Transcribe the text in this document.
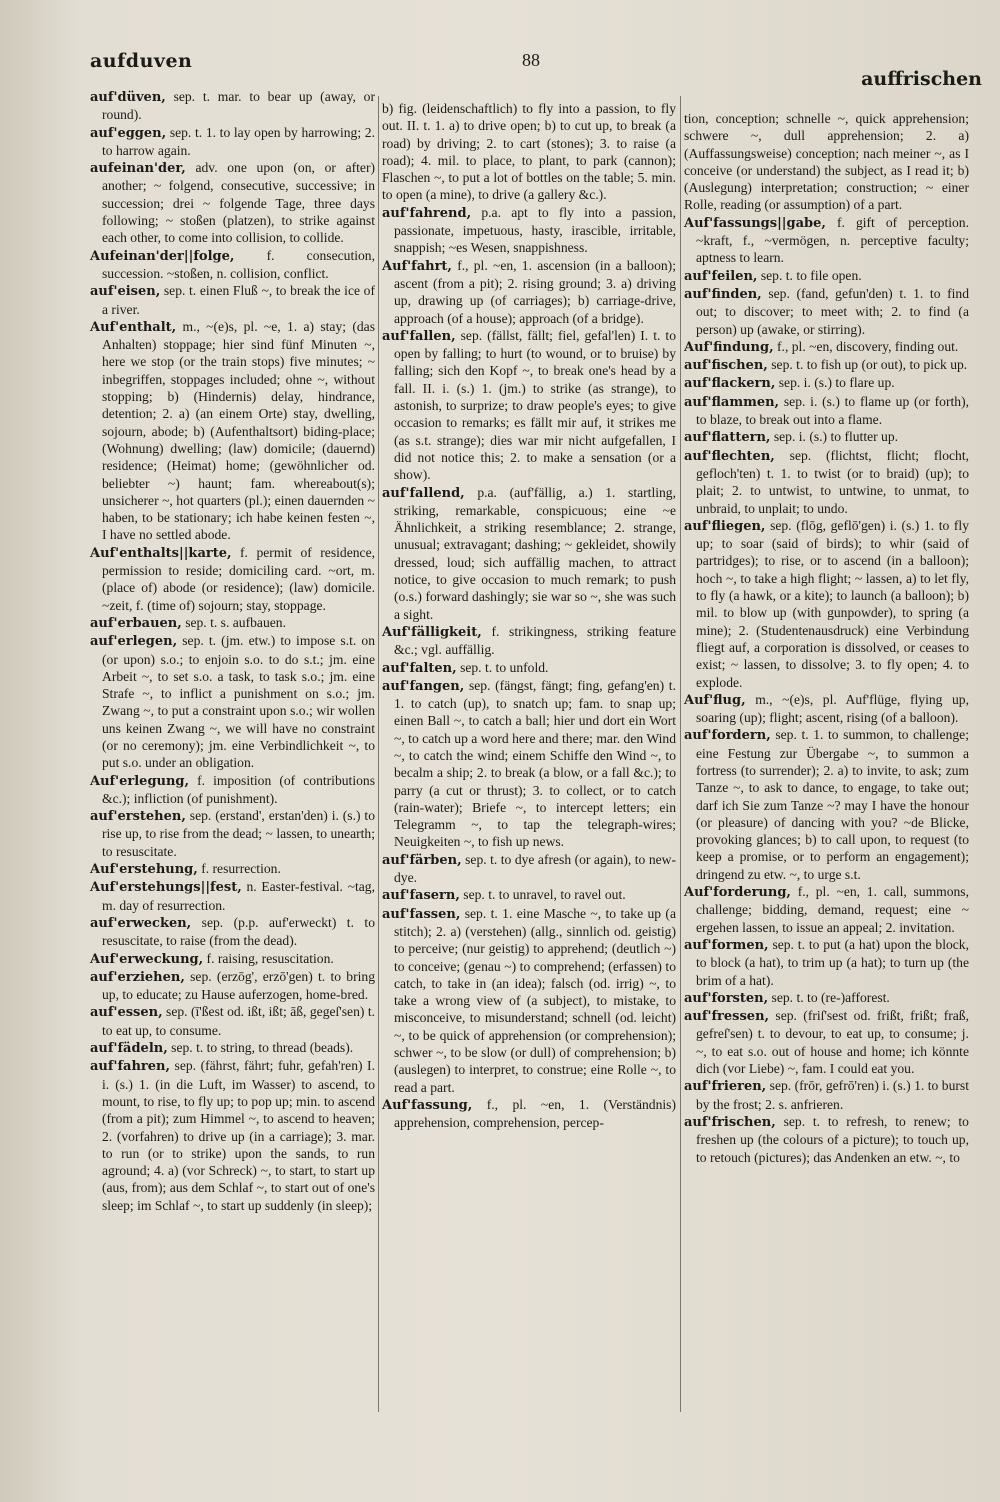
aufduven	88
auffrischen

auf'düven, sep. t. mar. to bear up (away, or round).

auf'eggen, sep. t. 1. to lay open by harrowing; 2. to harrow again.

aufeinan'der, adv. one upon (on, or after) another; ~ folgend, consecutive, successive; in succession; drei ~ folgende Tage, three days following; ~ stoßen (platzen), to strike against each other, to come into collision, to collide.

Aufeinan'der||folge, f. consecution, succession. ~stoßen, n. collision, conflict.

auf'eisen, sep. t. einen Fluß ~, to break the ice of a river.

Auf'enthalt, m., ~(e)s, pl. ~e, 1. a) stay; (das Anhalten) stoppage; hier sind fünf Minuten ~, here we stop (or the train stops) five minutes; ~ inbegriffen, stoppages included; ohne ~, without stopping; b) (Hindernis) delay, hindrance, detention; 2. a) (an einem Orte) stay, dwelling, sojourn, abode; b) (Aufenthaltsort) biding-place; (Wohnung) dwelling; (law) domicile; (dauernd) residence; (Heimat) home; (gewöhnlicher od. beliebter ~) haunt; fam. whereabout(s); unsicherer ~, hot quarters (pl.); einen dauernden ~ haben, to be stationary; ich habe keinen festen ~, I have no settled abode.

Auf'enthalts||karte, f. permit of residence, permission to reside; domiciling card. ~ort, m. (place of) abode (or residence); (law) domicile. ~zeit, f. (time of) sojourn; stay, stoppage.

auf'erbauen, sep. t. s. aufbauen.

auf'erlegen, sep. t. (jm. etw.) to impose s.t. on (or upon) s.o.; to enjoin s.o. to do s.t.; jm. eine Arbeit ~, to set s.o. a task, to task s.o.; jm. eine Strafe ~, to inflict a punishment on s.o.; jm. Zwang ~, to put a constraint upon s.o.; wir wollen uns keinen Zwang ~, we will have no constraint (or no ceremony); jm. eine Verbindlichkeit ~, to put s.o. under an obligation.

Auf'erlegung, f. imposition (of contributions &c.); infliction (of punishment).

auf'erstehen, sep. (erstand', erstan'den) i. (s.) to rise up, to rise from the dead; ~ lassen, to unearth; to resuscitate.

Auf'erstehung, f. resurrection.

Auf'erstehungs||fest, n. Easter-festival. ~tag, m. day of resurrection.

auf'erwecken, sep. (p.p. auf'erweckt) t. to resuscitate, to raise (from the dead).

Auf'erweckung, f. raising, resuscitation.

auf'erziehen, sep. (erzōg', erzō'gen) t. to bring up, to educate; zu Hause auferzogen, home-bred.

auf'essen, sep. (ī'ßest od. ißt, ißt; āß, gegeſ'sen) t. to eat up, to consume.

auf'fädeln, sep. t. to string, to thread (beads).

auf'fahren, sep. (fährst, fährt; fuhr, gefah'ren) I. i. (s.) 1. (in die Luft, im Wasser) to ascend, to mount, to rise, to fly up; to pop up; min. to ascend (from a pit); zum Himmel ~, to ascend to heaven; 2. (vorfahren) to drive up (in a carriage); 3. mar. to run (or to strike) upon the sands, to run aground; 4. a) (vor Schreck) ~, to start, to start up (aus, from); aus dem Schlaf ~, to start out of one's sleep; im Schlaf ~, to start up suddenly (in sleep);

b) fig. (leidenschaftlich) to fly into a passion, to fly out. II. t. 1. a) to drive open; b) to cut up, to break (a road) by driving; 2. to cart (stones); 3. to raise (a road); 4. mil. to place, to plant, to park (cannon); Flaschen ~, to put a lot of bottles on the table; 5. min. to open (a mine), to drive (a gallery &c.).

auf'fahrend, p.a. apt to fly into a passion, passionate, impetuous, hasty, irascible, irritable, snappish; ~es Wesen, snappishness.

Auf'fahrt, f., pl. ~en, 1. ascension (in a balloon); ascent (from a pit); 2. rising ground; 3. a) driving up, drawing up (of carriages); b) carriage-drive, approach (of a house); approach (of a bridge).

auf'fallen, sep. (fällst, fällt; fiel, gefal'len) I. t. to open by falling; to hurt (to wound, or to bruise) by falling; sich den Kopf ~, to break one's head by a fall. II. i. (s.) 1. (jm.) to strike (as strange), to astonish, to surprize; to draw people's eyes; to give occasion to remarks; es fällt mir auf, it strikes me (as s.t. strange); dies war mir nicht aufgefallen, I did not notice this; 2. to make a sensation (or a show).

auf'fallend, p.a. (auf'fällig, a.) 1. startling, striking, remarkable, conspicuous; eine ~e Ähnlichkeit, a striking resemblance; 2. strange, unusual; extravagant; dashing; ~ gekleidet, showily dressed, loud; sich auffällig machen, to attract notice, to give occasion to much remark; to push (o.s.) forward dashingly; sie war so ~, she was such a sight.

Auf'fälligkeit, f. strikingness, striking feature &c.; vgl. auffällig.

auf'falten, sep. t. to unfold.

auf'fangen, sep. (fängst, fängt; fing, gefang'en) t. 1. to catch (up), to snatch up; fam. to snap up; einen Ball ~, to catch a ball; hier und dort ein Wort ~, to catch up a word here and there; mar. den Wind ~, to catch the wind; einem Schiffe den Wind ~, to becalm a ship; 2. to break (a blow, or a fall &c.); to parry (a cut or thrust); 3. to collect, or to catch (rain-water); Briefe ~, to intercept letters; ein Telegramm ~, to tap the telegraph-wires; Neuigkeiten ~, to fish up news.

auf'färben, sep. t. to dye afresh (or again), to new-dye.

auf'fasern, sep. t. to unravel, to ravel out.

auf'fassen, sep. t. 1. eine Masche ~, to take up (a stitch); 2. a) (verstehen) (allg., sinnlich od. geistig) to perceive; (nur geistig) to apprehend; (deutlich ~) to conceive; (genau ~) to comprehend; (erfassen) to catch, to take in (an idea); falsch (od. irrig) ~, to take a wrong view of (a subject), to mistake, to misconceive, to misunderstand; schnell (od. leicht) ~, to be quick of apprehension (or comprehension); schwer ~, to be slow (or dull) of comprehension; b) (auslegen) to interpret, to construe; eine Rolle ~, to read a part.

Auf'fassung, f., pl. ~en, 1. (Verständnis) apprehension, comprehension, percep-

tion, conception; schnelle ~, quick apprehension; schwere ~, dull apprehension; 2. a) (Auffassungsweise) conception; nach meiner ~, as I conceive (or understand) the subject, as I read it; b) (Auslegung) interpretation; construction; ~ einer Rolle, reading (or assumption) of a part.

Auf'fassungs||gabe, f. gift of perception. ~kraft, f., ~vermögen, n. perceptive faculty; aptness to learn.

auf'feilen, sep. t. to file open.

auf'finden, sep. (fand, gefun'den) t. 1. to find out; to discover; to meet with; 2. to find (a person) up (awake, or stirring).

Auf'findung, f., pl. ~en, discovery, finding out.

auf'fischen, sep. t. to fish up (or out), to pick up.

auf'flackern, sep. i. (s.) to flare up.

auf'flammen, sep. i. (s.) to flame up (or forth), to blaze, to break out into a flame.

auf'flattern, sep. i. (s.) to flutter up.

auf'flechten, sep. (flichtst, flicht; flocht, geflоch'ten) t. 1. to twist (or to braid) (up); to plait; 2. to untwist, to untwine, to unmat, to unbraid, to unplait; to undo.

auf'fliegen, sep. (flōg, geflō'gen) i. (s.) 1. to fly up; to soar (said of birds); to whir (said of partridges); to rise, or to ascend (in a balloon); hoch ~, to take a high flight; ~ lassen, a) to let fly, to fly (a hawk, or a kite); to launch (a balloon); b) mil. to blow up (with gunpowder), to spring (a mine); 2. (Studentenausdruck) eine Verbindung fliegt auf, a corporation is dissolved, or ceases to exist; ~ lassen, to dissolve; 3. to fly open; 4. to explode.

Auf'flug, m., ~(e)s, pl. Auf'flüge, flying up, soaring (up); flight; ascent, rising (of a balloon).

auf'fordern, sep. t. 1. to summon, to challenge; eine Festung zur Übergabe ~, to summon a fortress (to surrender); 2. a) to invite, to ask; zum Tanze ~, to ask to dance, to engage, to take out; darf ich Sie zum Tanze ~? may I have the honour (or pleasure) of dancing with you? ~de Blicke, provoking glances; b) to call upon, to request (to keep a promise, or to perform an engagement); dringend zu etw. ~, to urge s.t.

Auf'forderung, f., pl. ~en, 1. call, summons, challenge; bidding, demand, request; eine ~ ergehen lassen, to issue an appeal; 2. invitation.

auf'formen, sep. t. to put (a hat) upon the block, to block (a hat), to trim up (a hat); to turn up (the brim of a hat).

auf'forsten, sep. t. to (re-)afforest.

auf'fressen, sep. (friſ'sest od. frißt, frißt; fraß, gefreſ'sen) t. to devour, to eat up, to consume; j. ~, to eat s.o. out of house and home; ich könnte dich (vor Liebe) ~, fam. I could eat you.

auf'frieren, sep. (frōr, gefrō'ren) i. (s.) 1. to burst by the frost; 2. s. anfrieren.

auf'frischen, sep. t. to refresh, to renew; to freshen up (the colours of a picture); to touch up, to retouch (pictures); das Andenken an etw. ~, to
